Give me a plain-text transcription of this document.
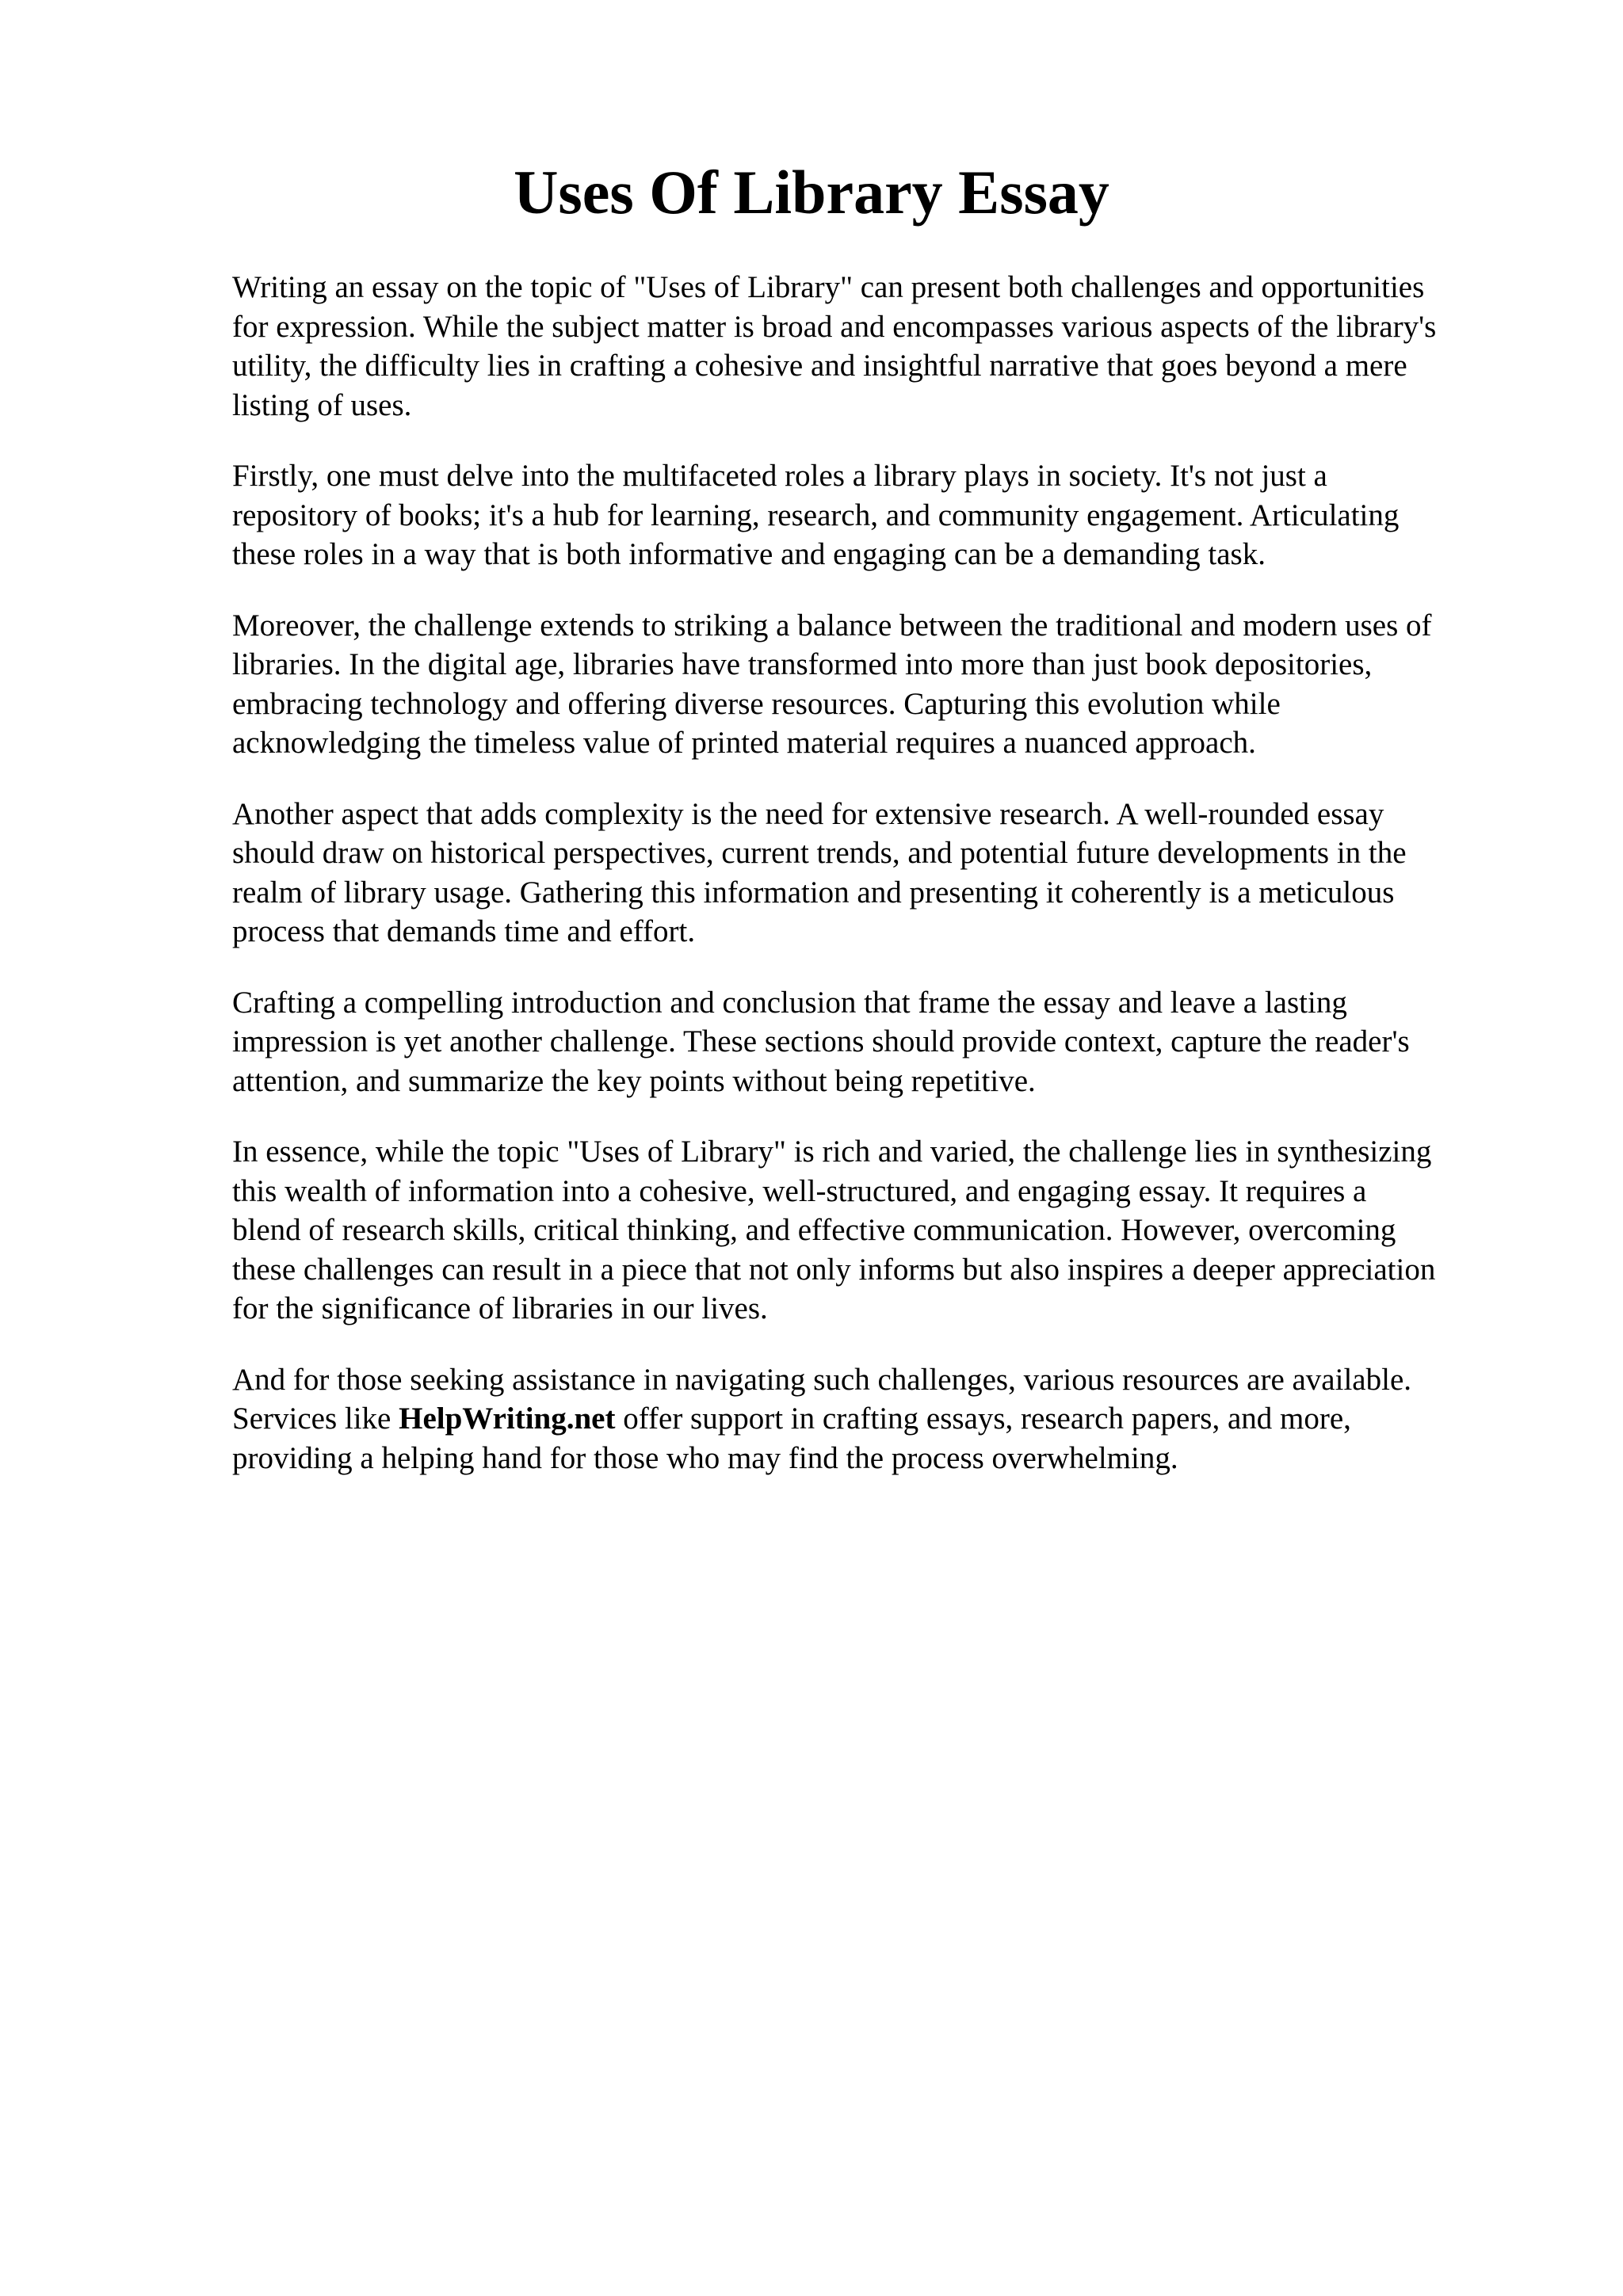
Uses Of Library Essay

Writing an essay on the topic of "Uses of Library" can present both challenges and opportunities
for expression. While the subject matter is broad and encompasses various aspects of the library's
utility, the difficulty lies in crafting a cohesive and insightful narrative that goes beyond a mere
listing of uses.

Firstly, one must delve into the multifaceted roles a library plays in society. It's not just a
repository of books; it's a hub for learning, research, and community engagement. Articulating
these roles in a way that is both informative and engaging can be a demanding task.

Moreover, the challenge extends to striking a balance between the traditional and modern uses of
libraries. In the digital age, libraries have transformed into more than just book depositories,
embracing technology and offering diverse resources. Capturing this evolution while
acknowledging the timeless value of printed material requires a nuanced approach.

Another aspect that adds complexity is the need for extensive research. A well-rounded essay
should draw on historical perspectives, current trends, and potential future developments in the
realm of library usage. Gathering this information and presenting it coherently is a meticulous
process that demands time and effort.

Crafting a compelling introduction and conclusion that frame the essay and leave a lasting
impression is yet another challenge. These sections should provide context, capture the reader's
attention, and summarize the key points without being repetitive.

In essence, while the topic "Uses of Library" is rich and varied, the challenge lies in synthesizing
this wealth of information into a cohesive, well-structured, and engaging essay. It requires a
blend of research skills, critical thinking, and effective communication. However, overcoming
these challenges can result in a piece that not only informs but also inspires a deeper appreciation
for the significance of libraries in our lives.

And for those seeking assistance in navigating such challenges, various resources are available.
Services like HelpWriting.net offer support in crafting essays, research papers, and more,
providing a helping hand for those who may find the process overwhelming.
